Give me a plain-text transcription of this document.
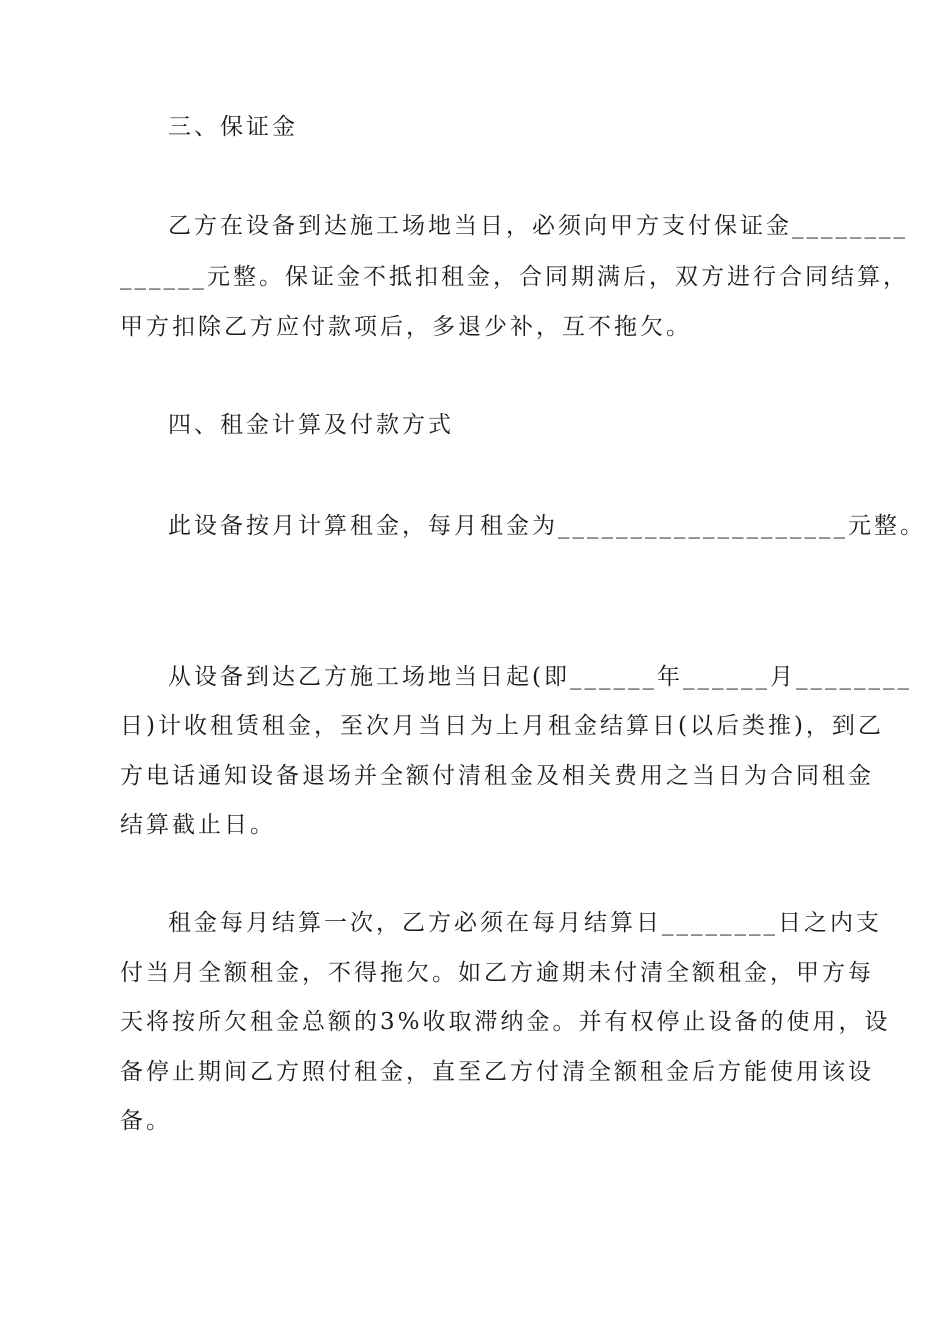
三、保证金
乙方在设备到达施工场地当日，必须向甲方支付保证金________
______元整。保证金不抵扣租金，合同期满后，双方进行合同结算，
甲方扣除乙方应付款项后，多退少补，互不拖欠。
四、租金计算及付款方式
此设备按月计算租金，每月租金为____________________元整。
从设备到达乙方施工场地当日起(即______年______月________
日)计收租赁租金，至次月当日为上月租金结算日(以后类推)，到乙
方电话通知设备退场并全额付清租金及相关费用之当日为合同租金
结算截止日。
租金每月结算一次，乙方必须在每月结算日________日之内支
付当月全额租金，不得拖欠。如乙方逾期未付清全额租金，甲方每
天将按所欠租金总额的3%收取滞纳金。并有权停止设备的使用，设
备停止期间乙方照付租金，直至乙方付清全额租金后方能使用该设
备。
